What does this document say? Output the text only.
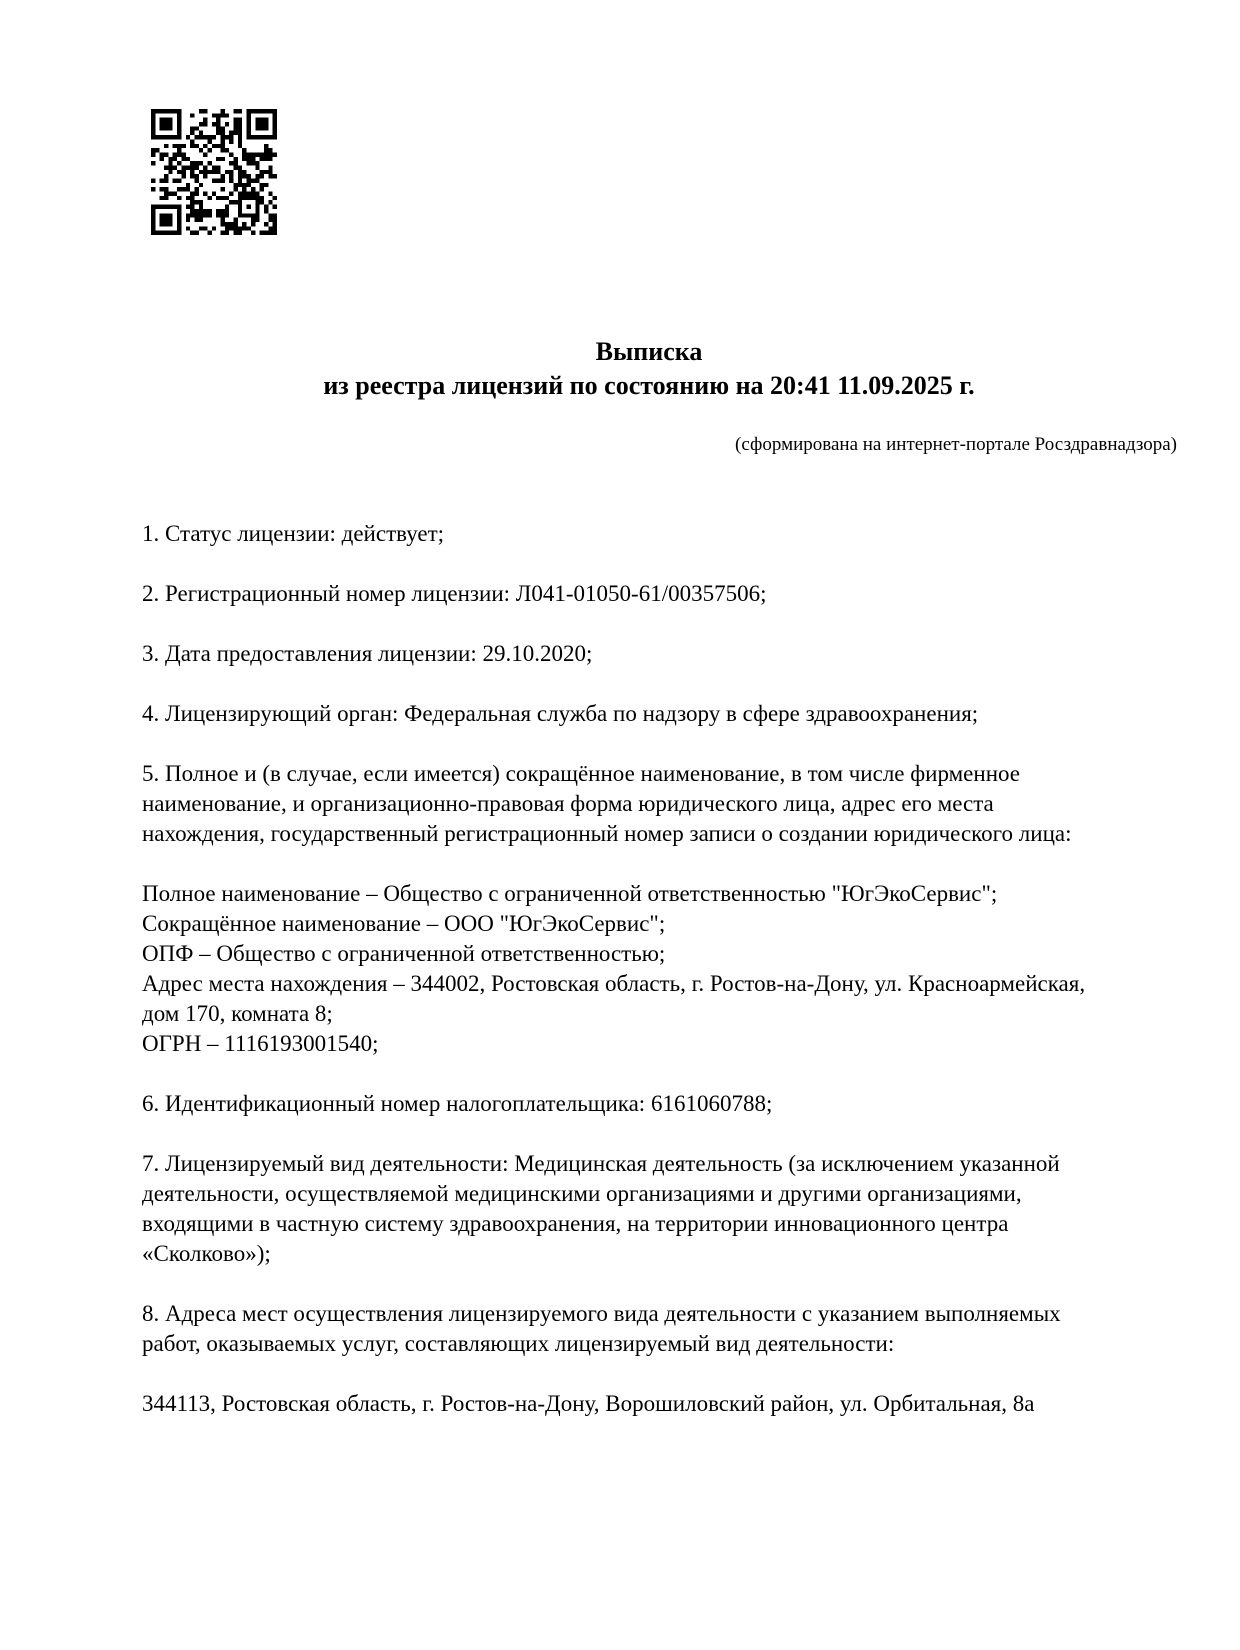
Выписка
из реестра лицензий по состоянию на 20:41 11.09.2025 г.
(сформирована на интернет-портале Росздравнадзора)
1. Статус лицензии: действует;
2. Регистрационный номер лицензии: Л041-01050-61/00357506;
3. Дата предоставления лицензии: 29.10.2020;
4. Лицензирующий орган: Федеральная служба по надзору в сфере здравоохранения;
5. Полное и (в случае, если имеется) сокращённое наименование, в том числе фирменное
наименование, и организационно-правовая форма юридического лица, адрес его места
нахождения, государственный регистрационный номер записи о создании юридического лица:
Полное наименование – Общество с ограниченной ответственностью "ЮгЭкоСервис";
Сокращённое наименование – ООО "ЮгЭкоСервис";
ОПФ – Общество с ограниченной ответственностью;
Адрес места нахождения – 344002, Ростовская область, г. Ростов-на-Дону, ул. Красноармейская,
дом 170, комната 8;
ОГРН – 1116193001540;
6. Идентификационный номер налогоплательщика: 6161060788;
7. Лицензируемый вид деятельности: Медицинская деятельность (за исключением указанной
деятельности, осуществляемой медицинскими организациями и другими организациями,
входящими в частную систему здравоохранения, на территории инновационного центра
«Сколково»);
8. Адреса мест осуществления лицензируемого вида деятельности с указанием выполняемых
работ, оказываемых услуг, составляющих лицензируемый вид деятельности:
344113, Ростовская область, г. Ростов-на-Дону, Ворошиловский район, ул. Орбитальная, 8а
